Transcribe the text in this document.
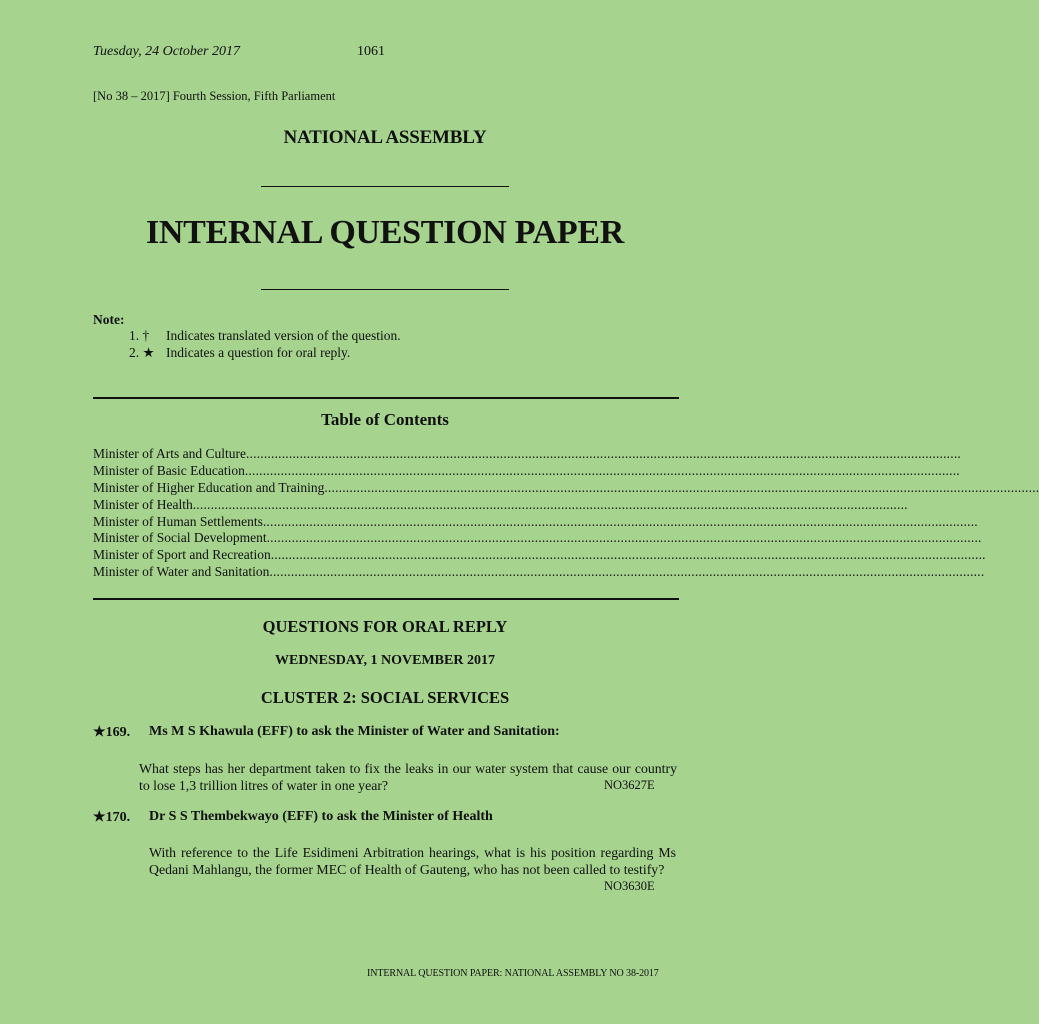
Tuesday, 24 October 2017	1061
[No 38 – 2017] Fourth Session, Fifth Parliament
NATIONAL ASSEMBLY
INTERNAL QUESTION PAPER
Note:
1. †	Indicates translated version of the question.
2. ★ Indicates a question for oral reply.
Table of Contents
Minister of Arts and Culture ........................................................................................................................................................................................................
Minister of Basic Education ........................................................................................................................................................................................................
Minister of Higher Education and Training ........................................................................................................................................................................................................
Minister of Health ........................................................................................................................................................................................................
Minister of Human Settlements ........................................................................................................................................................................................................
Minister of Social Development ........................................................................................................................................................................................................
Minister of Sport and Recreation ........................................................................................................................................................................................................
Minister of Water and Sanitation ........................................................................................................................................................................................................
QUESTIONS FOR ORAL REPLY
WEDNESDAY, 1 NOVEMBER 2017
CLUSTER 2: SOCIAL SERVICES
★169.	Ms M S Khawula (EFF) to ask the Minister of Water and Sanitation:
What steps has her department taken to fix the leaks in our water system that cause our country to lose 1,3 trillion litres of water in one year?	NO3627E
★170.	Dr S S Thembekwayo (EFF) to ask the Minister of Health
With reference to the Life Esidimeni Arbitration hearings, what is his position regarding Ms Qedani Mahlangu, the former MEC of Health of Gauteng, who has not been called to testify?
NO3630E
INTERNAL QUESTION PAPER: NATIONAL ASSEMBLY NO 38-2017
